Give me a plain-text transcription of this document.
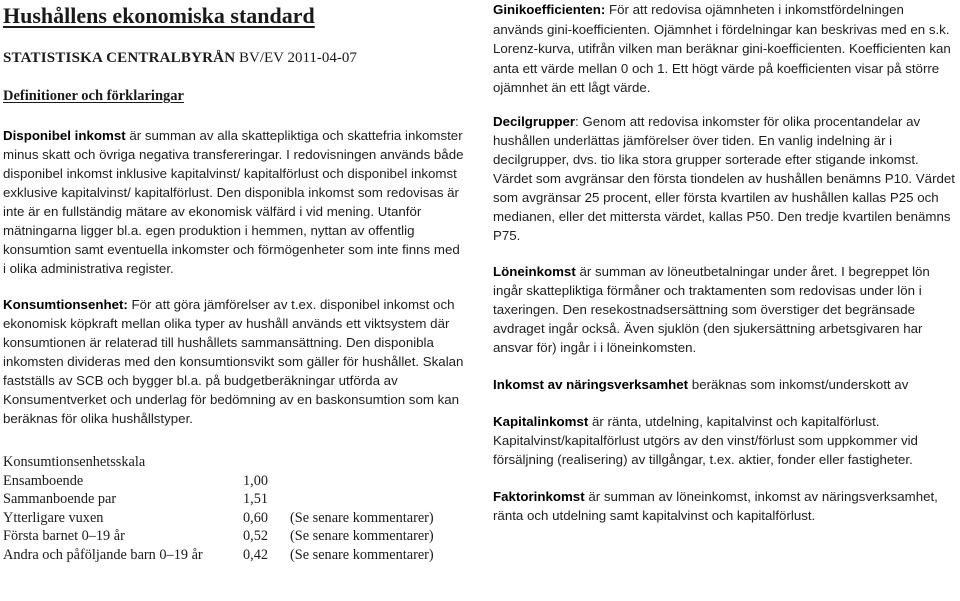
Hushållens ekonomiska standard

STATISTISKA CENTRALBYRÅN BV/EV 2011-04-07

Definitioner och förklaringar

Disponibel inkomst är summan av alla skattepliktiga och skattefria inkomster minus skatt och övriga negativa transfereringar. I redovisningen används både disponibel inkomst inklusive kapitalvinst/ kapitalförlust och disponibel inkomst exklusive kapitalvinst/ kapitalförlust. Den disponibla inkomst som redovisas är inte är en fullständig mätare av ekonomisk välfärd i vid mening. Utanför mätningarna ligger bl.a. egen produktion i hemmen, nyttan av offentlig konsumtion samt eventuella inkomster och förmögenheter som inte finns med i olika administrativa register.

Konsumtionsenhet: För att göra jämförelser av t.ex. disponibel inkomst och ekonomisk köpkraft mellan olika typer av hushåll används ett viktsystem där konsumtionen är relaterad till hushållets sammansättning. Den disponibla inkomsten divideras med den konsumtionsvikt som gäller för hushållet. Skalan fastställs av SCB och bygger bl.a. på budgetberäkningar utförda av Konsumentverket och underlag för bedömning av en baskonsumtion som kan beräknas för olika hushållstyper.

Konsumtionsenhetsskala
Ensamboende	1,00	
Sammanboende par	1,51	
Ytterligare vuxen	0,60	(Se senare kommentarer)
Första barnet 0–19 år	0,52	(Se senare kommentarer)
Andra och påföljande barn 0–19 år	0,42	(Se senare kommentarer)

Ginikoefficienten: För att redovisa ojämnheten i inkomstfördelningen används gini-koefficienten. Ojämnhet i fördelningar kan beskrivas med en s.k. Lorenz-kurva, utifrån vilken man beräknar gini-koefficienten. Koefficienten kan anta ett värde mellan 0 och 1. Ett högt värde på koefficienten visar på större ojämnhet än ett lågt värde.

Decilgrupper: Genom att redovisa inkomster för olika procentandelar av hushållen underlättas jämförelser över tiden. En vanlig indelning är i decilgrupper, dvs. tio lika stora grupper sorterade efter stigande inkomst. Värdet som avgränsar den första tiondelen av hushållen benämns P10. Värdet som avgränsar 25 procent, eller första kvartilen av hushållen kallas P25 och medianen, eller det mittersta värdet, kallas P50. Den tredje kvartilen benämns P75.

Löneinkomst är summan av löneutbetalningar under året. I begreppet lön ingår skattepliktiga förmåner och traktamenten som redovisas under lön i taxeringen. Den resekostnadsersättning som överstiger det begränsade avdraget ingår också. Även sjuklön (den sjukersättning arbetsgivaren har ansvar för) ingår i i löneinkomsten.

Inkomst av näringsverksamhet beräknas som inkomst/underskott av

Kapitalinkomst är ränta, utdelning, kapitalvinst och kapitalförlust. Kapitalvinst/kapitalförlust utgörs av den vinst/förlust som uppkommer vid försäljning (realisering) av tillgångar, t.ex. aktier, fonder eller fastigheter.

Faktorinkomst är summan av löneinkomst, inkomst av näringsverksamhet, ränta och utdelning samt kapitalvinst och kapitalförlust.
